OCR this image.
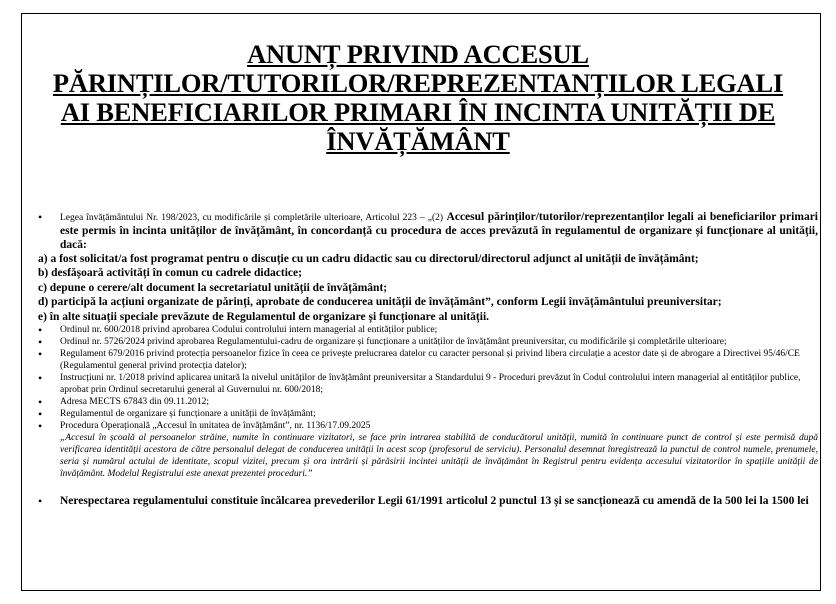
ANUNȚ PRIVIND ACCESUL
PĂRINȚILOR/TUTORILOR/REPREZENTANȚILOR LEGALI
AI BENEFICIARILOR PRIMARI ÎN INCINTA UNITĂȚII DE
ÎNVĂȚĂMÂNT
• Legea învățământului Nr. 198/2023, cu modificările și completările ulterioare, Articolul 223 – „(2) Accesul părinților/tutorilor/reprezentanților legali ai beneficiarilor primari este permis în incinta unităților de învățământ, în concordanță cu procedura de acces prevăzută în regulamentul de organizare și funcționare al unității, dacă:
a) a fost solicitat/a fost programat pentru o discuție cu un cadru didactic sau cu directorul/directorul adjunct al unității de învățământ;
b) desfășoară activități în comun cu cadrele didactice;
c) depune o cerere/alt document la secretariatul unității de învățământ;
d) participă la acțiuni organizate de părinți, aprobate de conducerea unității de învățământ”, conform Legii învățământului preuniversitar;
e) în alte situații speciale prevăzute de Regulamentul de organizare și funcționare al unității.
• Ordinul nr. 600/2018 privind aprobarea Codului controlului intern managerial al entităților publice;
• Ordinul nr. 5726/2024 privind aprobarea Regulamentului-cadru de organizare și funcționare a unităților de învățământ preuniversitar, cu modificările și completările ulterioare;
• Regulament 679/2016 privind protecția persoanelor fizice în ceea ce privește prelucrarea datelor cu caracter personal și privind libera circulație a acestor date și de abrogare a Directivei 95/46/CE (Regulamentul general privind protecția datelor);
• Instrucțiuni nr. 1/2018 privind aplicarea unitară la nivelul unităților de învățământ preuniversitar a Standardului 9 - Proceduri prevăzut în Codul controlului intern managerial al entităților publice, aprobat prin Ordinul secretarului general al Guvernului nr. 600/2018;
• Adresa MECTS 67843 din 09.11.2012;
• Regulamentul de organizare și funcționare a unității de învățământ;
• Procedura Operațională „Accesul în unitatea de învățământ”, nr. 1136/17.09.2025
„Accesul în școală al persoanelor străine, numite în continuare vizitatori, se face prin intrarea stabilită de conducătorul unității, numită în continuare punct de control și este permisă după verificarea identității acestora de către personalul delegat de conducerea unității în acest scop (profesorul de serviciu). Personalul desemnat înregistrează la punctul de control numele, prenumele, seria și numărul actului de identitate, scopul vizitei, precum și ora intrării și părăsirii incintei unității de învățământ în Registrul pentru evidența accesului vizitatorilor în spațiile unității de învățământ. Modelul Registrului este anexat prezentei proceduri.”
• Nerespectarea regulamentului constituie încălcarea prevederilor Legii 61/1991 articolul 2 punctul 13 și se sancționează cu amendă de la 500 lei la 1500 lei
